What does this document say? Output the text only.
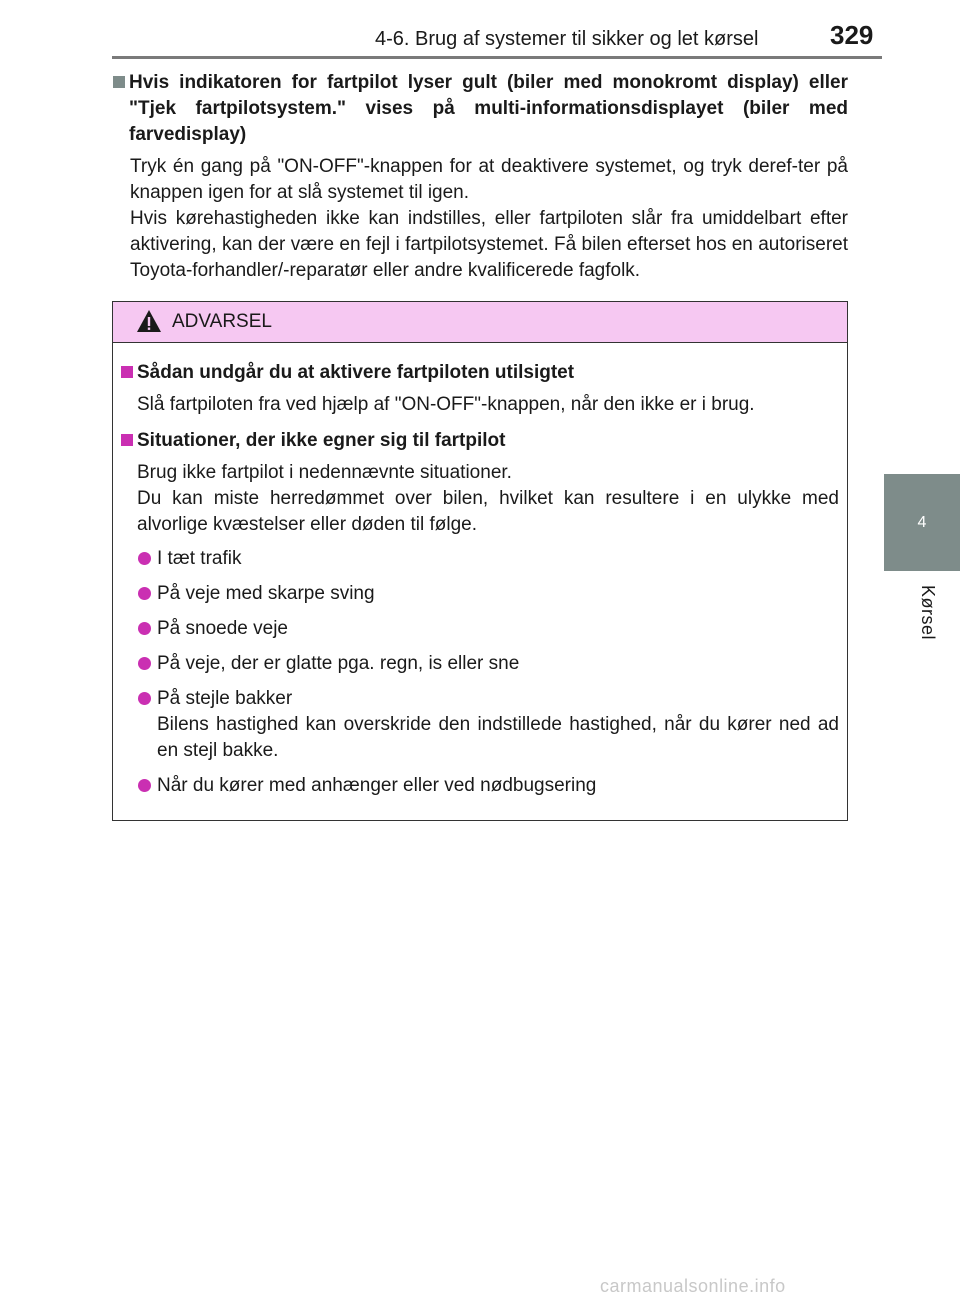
4-6. Brug af systemer til sikker og let kørsel	329
4
Kørsel
Hvis indikatoren for fartpilot lyser gult (biler med monokromt display) eller "Tjek fartpilotsystem." vises på multi-informationsdisplayet (biler med farvedisplay)
Tryk én gang på "ON-OFF"-knappen for at deaktivere systemet, og tryk deref-ter på knappen igen for at slå systemet til igen.
Hvis kørehastigheden ikke kan indstilles, eller fartpiloten slår fra umiddelbart efter aktivering, kan der være en fejl i fartpilotsystemet. Få bilen efterset hos en autoriseret Toyota-forhandler/-reparatør eller andre kvalificerede fagfolk.
ADVARSEL
Sådan undgår du at aktivere fartpiloten utilsigtet
Slå fartpiloten fra ved hjælp af "ON-OFF"-knappen, når den ikke er i brug.
Situationer, der ikke egner sig til fartpilot
Brug ikke fartpilot i nedennævnte situationer.
Du kan miste herredømmet over bilen, hvilket kan resultere i en ulykke med alvorlige kvæstelser eller døden til følge.
I tæt trafik
På veje med skarpe sving
På snoede veje
På veje, der er glatte pga. regn, is eller sne
På stejle bakker
Bilens hastighed kan overskride den indstillede hastighed, når du kører ned ad en stejl bakke.
Når du kører med anhænger eller ved nødbugsering
carmanualsonline.info
